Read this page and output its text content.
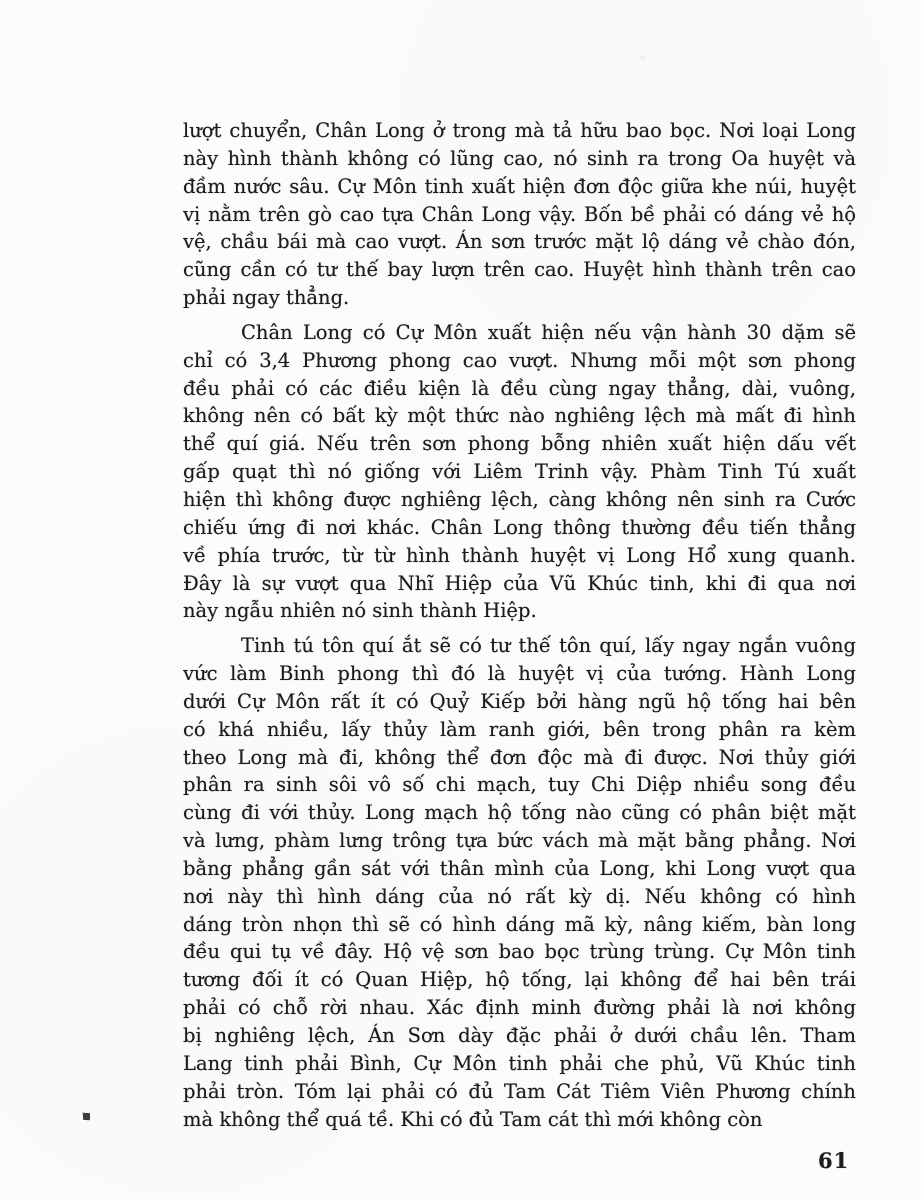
lượt chuyển, Chân Long ở trong mà tả hữu bao bọc. Nơi loại Long
này hình thành không có lũng cao, nó sinh ra trong Oa huyệt và
đầm nước sâu. Cự Môn tinh xuất hiện đơn độc giữa khe núi, huyệt
vị nằm trên gò cao tựa Chân Long vậy. Bốn bề phải có dáng vẻ hộ
vệ, chầu bái mà cao vượt. Án sơn trước mặt lộ dáng vẻ chào đón,
cũng cần có tư thế bay lượn trên cao. Huyệt hình thành trên cao
phải ngay thẳng.
Chân Long có Cự Môn xuất hiện nếu vận hành 30 dặm sẽ
chỉ có 3,4 Phương phong cao vượt. Nhưng mỗi một sơn phong
đều phải có các điều kiện là đều cùng ngay thẳng, dài, vuông,
không nên có bất kỳ một thức nào nghiêng lệch mà mất đi hình
thể quí giá. Nếu trên sơn phong bỗng nhiên xuất hiện dấu vết
gấp quạt thì nó giống với Liêm Trinh vậy. Phàm Tinh Tú xuất
hiện thì không được nghiêng lệch, càng không nên sinh ra Cước
chiếu ứng đi nơi khác. Chân Long thông thường đều tiến thẳng
về phía trước, từ từ hình thành huyệt vị Long Hổ xung quanh.
Đây là sự vượt qua Nhĩ Hiệp của Vũ Khúc tinh, khi đi qua nơi
này ngẫu nhiên nó sinh thành Hiệp.
Tinh tú tôn quí ắt sẽ có tư thế tôn quí, lấy ngay ngắn vuông
vức làm Binh phong thì đó là huyệt vị của tướng. Hành Long
dưới Cự Môn rất ít có Quỷ Kiếp bởi hàng ngũ hộ tống hai bên
có khá nhiều, lấy thủy làm ranh giới, bên trong phân ra kèm
theo Long mà đi, không thể đơn độc mà đi được. Nơi thủy giới
phân ra sinh sôi vô số chi mạch, tuy Chi Diệp nhiều song đều
cùng đi với thủy. Long mạch hộ tống nào cũng có phân biệt mặt
và lưng, phàm lưng trông tựa bức vách mà mặt bằng phẳng. Nơi
bằng phẳng gần sát với thân mình của Long, khi Long vượt qua
nơi này thì hình dáng của nó rất kỳ dị. Nếu không có hình
dáng tròn nhọn thì sẽ có hình dáng mã kỳ, nâng kiếm, bàn long
đều qui tụ về đây. Hộ vệ sơn bao bọc trùng trùng. Cự Môn tinh
tương đối ít có Quan Hiệp, hộ tống, lại không để hai bên trái
phải có chỗ rời nhau. Xác định minh đường phải là nơi không
bị nghiêng lệch, Án Sơn dày đặc phải ở dưới chầu lên. Tham
Lang tinh phải Bình, Cự Môn tinh phải che phủ, Vũ Khúc tinh
phải tròn. Tóm lại phải có đủ Tam Cát Tiêm Viên Phương chính
mà không thể quá tề. Khi có đủ Tam cát thì mới không còn
61
